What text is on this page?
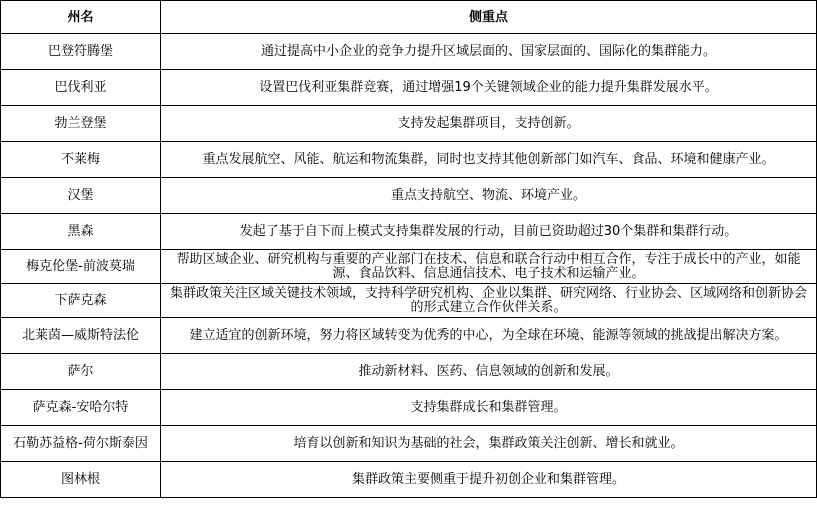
州名	侧重点
巴登符腾堡	通过提高中小企业的竞争力提升区域层面的、国家层面的、国际化的集群能力。
巴伐利亚	设置巴伐利亚集群竞赛，通过增强19个关键领域企业的能力提升集群发展水平。
勃兰登堡	支持发起集群项目，支持创新。
不莱梅	重点发展航空、风能、航运和物流集群，同时也支持其他创新部门如汽车、食品、环境和健康产业。
汉堡	重点支持航空、物流、环境产业。
黑森	发起了基于自下而上模式支持集群发展的行动，目前已资助超过30个集群和集群行动。
梅克伦堡-前波莫瑞	帮助区域企业、研究机构与重要的产业部门在技术、信息和联合行动中相互合作，专注于成长中的产业，如能源、食品饮料、信息通信技术、电子技术和运输产业。
下萨克森	集群政策关注区域关键技术领域，支持科学研究机构、企业以集群、研究网络、行业协会、区域网络和创新协会的形式建立合作伙伴关系。
北莱茵—威斯特法伦	建立适宜的创新环境，努力将区域转变为优秀的中心，为全球在环境、能源等领域的挑战提出解决方案。
萨尔	推动新材料、医药、信息领域的创新和发展。
萨克森-安哈尔特	支持集群成长和集群管理。
石勒苏益格-荷尔斯泰因	培育以创新和知识为基础的社会，集群政策关注创新、增长和就业。
图林根	集群政策主要侧重于提升初创企业和集群管理。
